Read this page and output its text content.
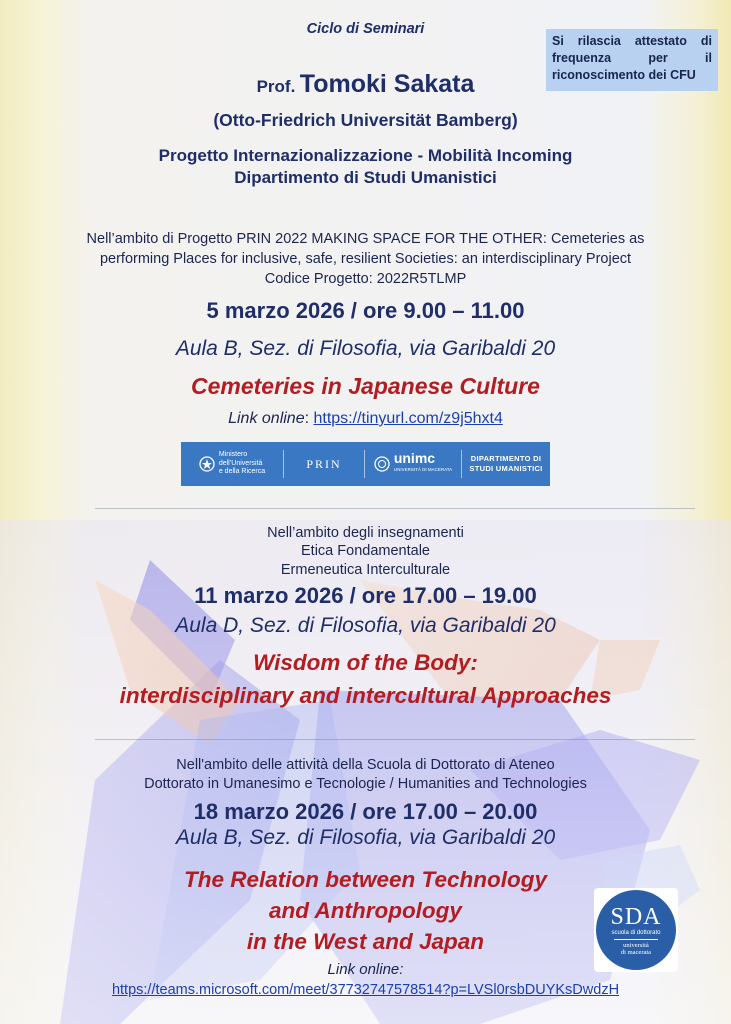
Ciclo di Seminari
Si rilascia attestato di frequenza per il riconoscimento dei CFU
Prof. Tomoki Sakata
(Otto-Friedrich Universität Bamberg)
Progetto Internazionalizzazione - Mobilità Incoming
Dipartimento di Studi Umanistici
Nell’ambito di Progetto PRIN 2022 MAKING SPACE FOR THE OTHER: Cemeteries as
performing Places for inclusive, safe, resilient Societies: an interdisciplinary Project
Codice Progetto: 2022R5TLMP
5 marzo 2026 / ore 9.00 – 11.00
Aula B, Sez. di Filosofia, via Garibaldi 20
Cemeteries in Japanese Culture
Link online: https://tinyurl.com/z9j5hxt4
Ministero
dell’Università
e della Ricerca
PRIN	unimc
UNIVERSITÀ DI MACERATA
DIPARTIMENTO DI
STUDI UMANISTICI
Nell’ambito degli insegnamenti
Etica Fondamentale
Ermeneutica Interculturale
11 marzo 2026 / ore 17.00 – 19.00
Aula D, Sez. di Filosofia, via Garibaldi 20
Wisdom of the Body:
interdisciplinary and intercultural Approaches
Nell'ambito delle attività della Scuola di Dottorato di Ateneo
Dottorato in Umanesimo e Tecnologie / Humanities and Technologies
18 marzo 2026 / ore 17.00 – 20.00
Aula B, Sez. di Filosofia, via Garibaldi 20
The Relation between Technology
and Anthropology
in the West and Japan
Link online:
https://teams.microsoft.com/meet/37732747578514?p=LVSl0rsbDUYKsDwdzH
SDA
scuola di dottorato
università
di macerata
